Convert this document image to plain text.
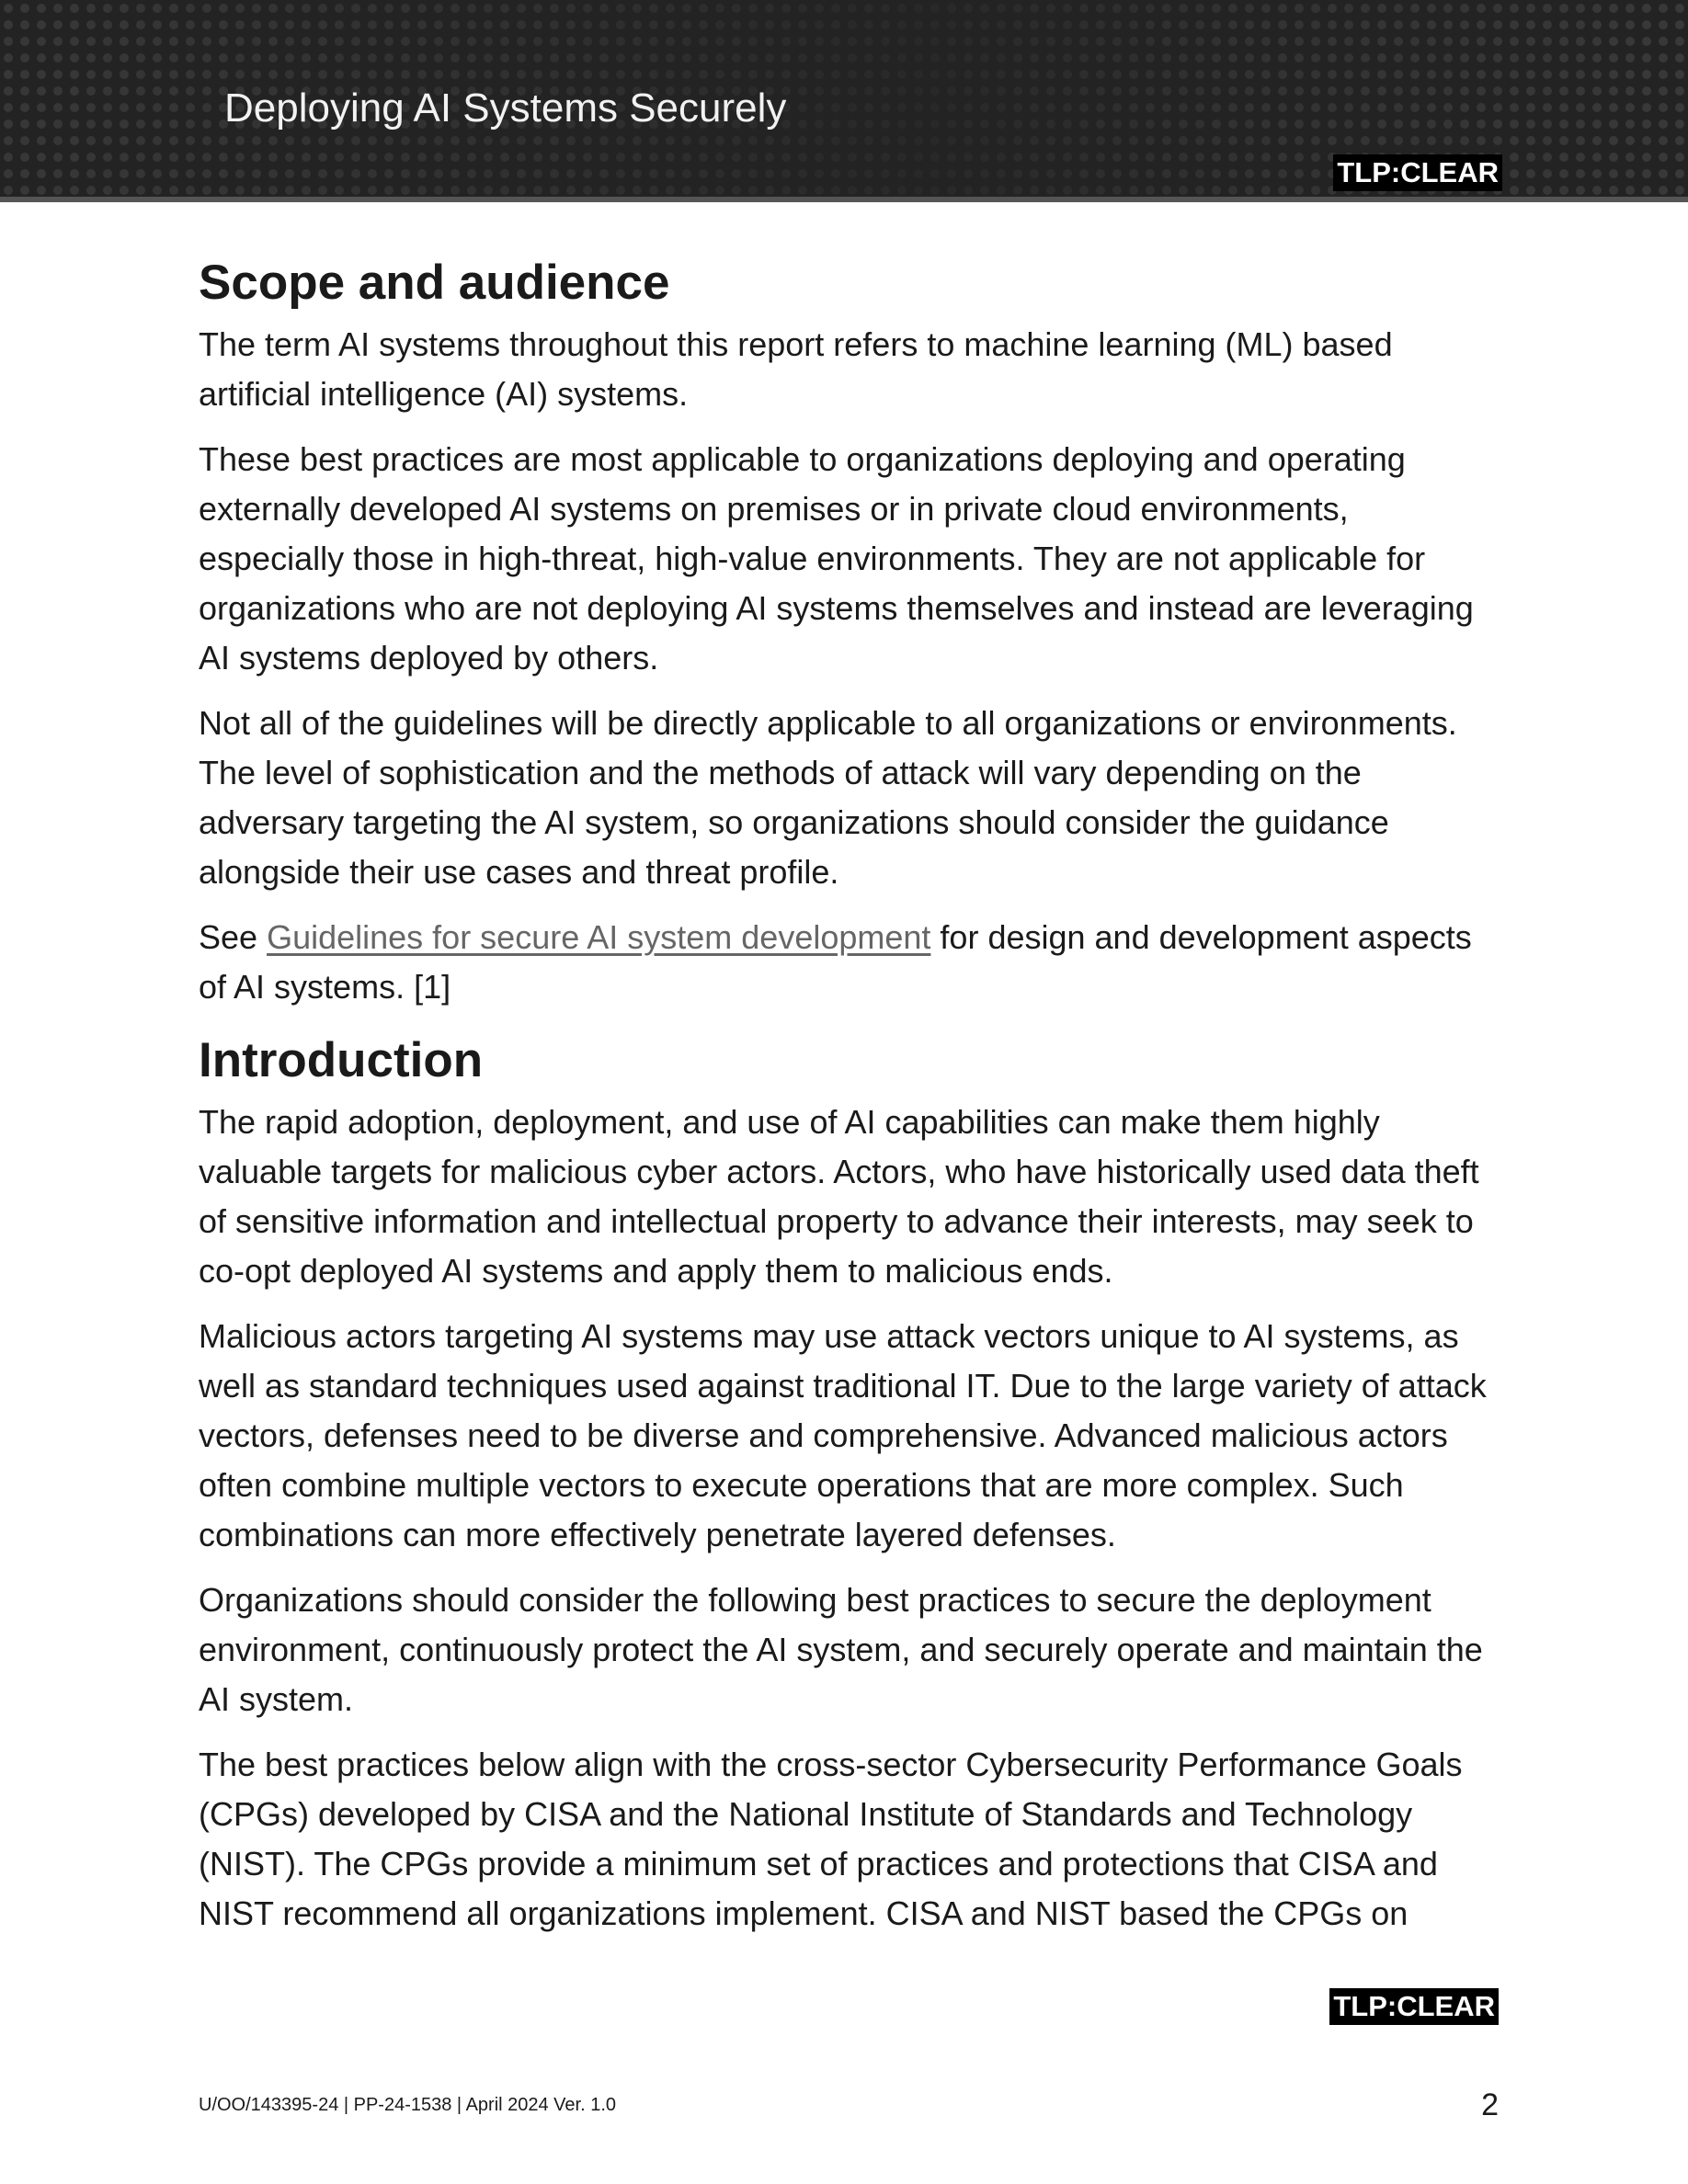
Deploying AI Systems Securely
TLP:CLEAR
Scope and audience

The term AI systems throughout this report refers to machine learning (ML) based artificial intelligence (AI) systems.

These best practices are most applicable to organizations deploying and operating externally developed AI systems on premises or in private cloud environments, especially those in high-threat, high-value environments. They are not applicable for organizations who are not deploying AI systems themselves and instead are leveraging AI systems deployed by others.

Not all of the guidelines will be directly applicable to all organizations or environments. The level of sophistication and the methods of attack will vary depending on the adversary targeting the AI system, so organizations should consider the guidance alongside their use cases and threat profile.

See Guidelines for secure AI system development for design and development aspects of AI systems. [1]

Introduction

The rapid adoption, deployment, and use of AI capabilities can make them highly valuable targets for malicious cyber actors. Actors, who have historically used data theft of sensitive information and intellectual property to advance their interests, may seek to co-opt deployed AI systems and apply them to malicious ends.

Malicious actors targeting AI systems may use attack vectors unique to AI systems, as well as standard techniques used against traditional IT. Due to the large variety of attack vectors, defenses need to be diverse and comprehensive. Advanced malicious actors often combine multiple vectors to execute operations that are more complex. Such combinations can more effectively penetrate layered defenses.

Organizations should consider the following best practices to secure the deployment environment, continuously protect the AI system, and securely operate and maintain the AI system.

The best practices below align with the cross-sector Cybersecurity Performance Goals (CPGs) developed by CISA and the National Institute of Standards and Technology (NIST). The CPGs provide a minimum set of practices and protections that CISA and NIST recommend all organizations implement. CISA and NIST based the CPGs on

TLP:CLEAR
U/OO/143395-24 | PP-24-1538 | April 2024 Ver. 1.0	2
